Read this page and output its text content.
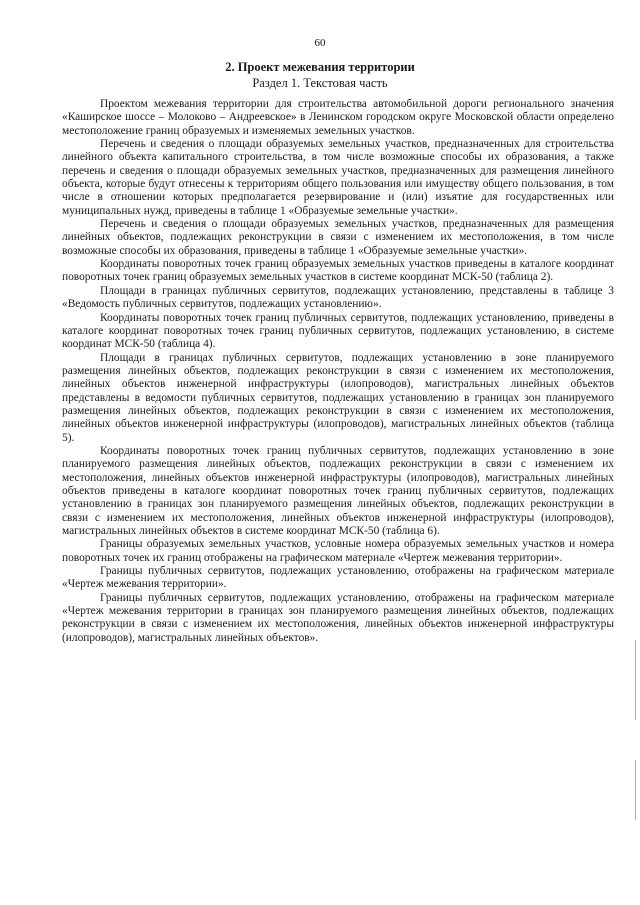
60
2. Проект межевания территории
Раздел 1. Текстовая часть

Проектом межевания территории для строительства автомобильной дороги регионального значения «Каширское шоссе – Молоково – Андреевское» в Ленинском городском округе Московской области определено местоположение границ образуемых и изменяемых земельных участков.

Перечень и сведения о площади образуемых земельных участков, предназначенных для строительства линейного объекта капитального строительства, в том числе возможные способы их образования, а также перечень и сведения о площади образуемых земельных участков, предназначенных для размещения линейного объекта, которые будут отнесены к территориям общего пользования или имуществу общего пользования, в том числе в отношении которых предполагается резервирование и (или) изъятие для государственных или муниципальных нужд, приведены в таблице 1 «Образуемые земельные участки».

Перечень и сведения о площади образуемых земельных участков, предназначенных для размещения линейных объектов, подлежащих реконструкции в связи с изменением их местоположения, в том числе возможные способы их образования, приведены в таблице 1 «Образуемые земельные участки».

Координаты поворотных точек границ образуемых земельных участков приведены в каталоге координат поворотных точек границ образуемых земельных участков в системе координат МСК-50 (таблица 2).

Площади в границах публичных сервитутов, подлежащих установлению, представлены в таблице 3 «Ведомость публичных сервитутов, подлежащих установлению».

Координаты поворотных точек границ публичных сервитутов, подлежащих установлению, приведены в каталоге координат поворотных точек границ публичных сервитутов, подлежащих установлению, в системе координат МСК-50 (таблица 4).

Площади в границах публичных сервитутов, подлежащих установлению в зоне планируемого размещения линейных объектов, подлежащих реконструкции в связи с изменением их местоположения, линейных объектов инженерной инфраструктуры (илопроводов), магистральных линейных объектов представлены в ведомости публичных сервитутов, подлежащих установлению в границах зон планируемого размещения линейных объектов, подлежащих реконструкции в связи с изменением их местоположения, линейных объектов инженерной инфраструктуры (илопроводов), магистральных линейных объектов (таблица 5).

Координаты поворотных точек границ публичных сервитутов, подлежащих установлению в зоне планируемого размещения линейных объектов, подлежащих реконструкции в связи с изменением их местоположения, линейных объектов инженерной инфраструктуры (илопроводов), магистральных линейных объектов приведены в каталоге координат поворотных точек границ публичных сервитутов, подлежащих установлению в границах зон планируемого размещения линейных объектов, подлежащих реконструкции в связи с изменением их местоположения, линейных объектов инженерной инфраструктуры (илопроводов), магистральных линейных объектов в системе координат МСК-50 (таблица 6).

Границы образуемых земельных участков, условные номера образуемых земельных участков и номера поворотных точек их границ отображены на графическом материале «Чертеж межевания территории».

Границы публичных сервитутов, подлежащих установлению, отображены на графическом материале «Чертеж межевания территории».

Границы публичных сервитутов, подлежащих установлению, отображены на графическом материале «Чертеж межевания территории в границах зон планируемого размещения линейных объектов, подлежащих реконструкции в связи с изменением их местоположения, линейных объектов инженерной инфраструктуры (илопроводов), магистральных линейных объектов».
